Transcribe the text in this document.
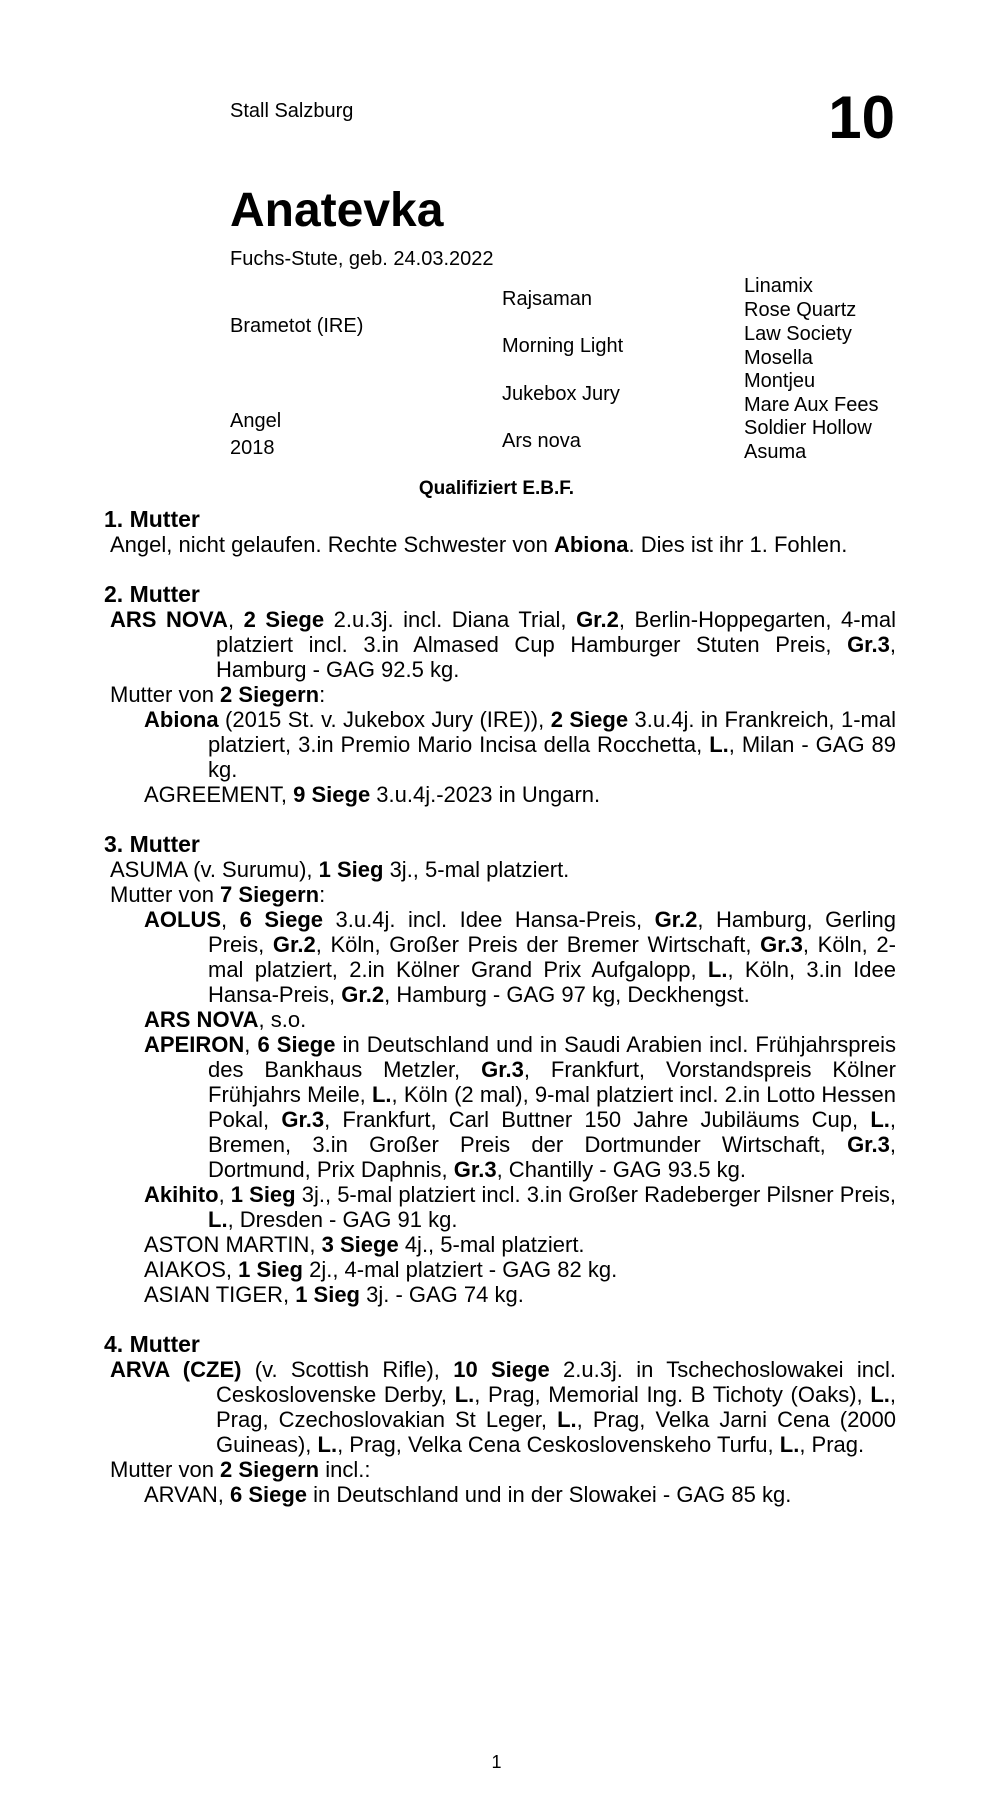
Stall Salzburg	10
Anatevka
Fuchs-Stute, geb. 24.03.2022
Brametot (IRE)
Angel
2018
Rajsaman
Morning Light
Jukebox Jury
Ars nova
Linamix
Rose Quartz
Law Society
Mosella
Montjeu
Mare Aux Fees
Soldier Hollow
Asuma
Qualifiziert E.B.F.
1. Mutter
Angel, nicht gelaufen. Rechte Schwester von Abiona. Dies ist ihr 1. Fohlen.
2. Mutter
ARS NOVA, 2 Siege 2.u.3j. incl. Diana Trial, Gr.2, Berlin-Hoppegarten, 4-mal platziert incl. 3.in Almased Cup Hamburger Stuten Preis, Gr.3, Hamburg - GAG 92.5 kg.
Mutter von 2 Siegern:
Abiona (2015 St. v. Jukebox Jury (IRE)), 2 Siege 3.u.4j. in Frankreich, 1-mal platziert, 3.in Premio Mario Incisa della Rocchetta, L., Milan - GAG 89 kg.
AGREEMENT, 9 Siege 3.u.4j.-2023 in Ungarn.
3. Mutter
ASUMA (v. Surumu), 1 Sieg 3j., 5-mal platziert.
Mutter von 7 Siegern:
AOLUS, 6 Siege 3.u.4j. incl. Idee Hansa-Preis, Gr.2, Hamburg, Gerling Preis, Gr.2, Köln, Großer Preis der Bremer Wirtschaft, Gr.3, Köln, 2-mal platziert, 2.in Kölner Grand Prix Aufgalopp, L., Köln, 3.in Idee Hansa-Preis, Gr.2, Hamburg - GAG 97 kg, Deckhengst.
ARS NOVA, s.o.
APEIRON, 6 Siege in Deutschland und in Saudi Arabien incl. Frühjahrspreis des Bankhaus Metzler, Gr.3, Frankfurt, Vorstandspreis Kölner Frühjahrs Meile, L., Köln (2 mal), 9-mal platziert incl. 2.in Lotto Hessen Pokal, Gr.3, Frankfurt, Carl Buttner 150 Jahre Jubiläums Cup, L., Bremen, 3.in Großer Preis der Dortmunder Wirtschaft, Gr.3, Dortmund, Prix Daphnis, Gr.3, Chantilly - GAG 93.5 kg.
Akihito, 1 Sieg 3j., 5-mal platziert incl. 3.in Großer Radeberger Pilsner Preis, L., Dresden - GAG 91 kg.
ASTON MARTIN, 3 Siege 4j., 5-mal platziert.
AIAKOS, 1 Sieg 2j., 4-mal platziert - GAG 82 kg.
ASIAN TIGER, 1 Sieg 3j. - GAG 74 kg.
4. Mutter
ARVA (CZE) (v. Scottish Rifle), 10 Siege 2.u.3j. in Tschechoslowakei incl. Ceskoslovenske Derby, L., Prag, Memorial Ing. B Tichoty (Oaks), L., Prag, Czechoslovakian St Leger, L., Prag, Velka Jarni Cena (2000 Guineas), L., Prag, Velka Cena Ceskoslovenskeho Turfu, L., Prag.
Mutter von 2 Siegern incl.:
ARVAN, 6 Siege in Deutschland und in der Slowakei - GAG 85 kg.
1
